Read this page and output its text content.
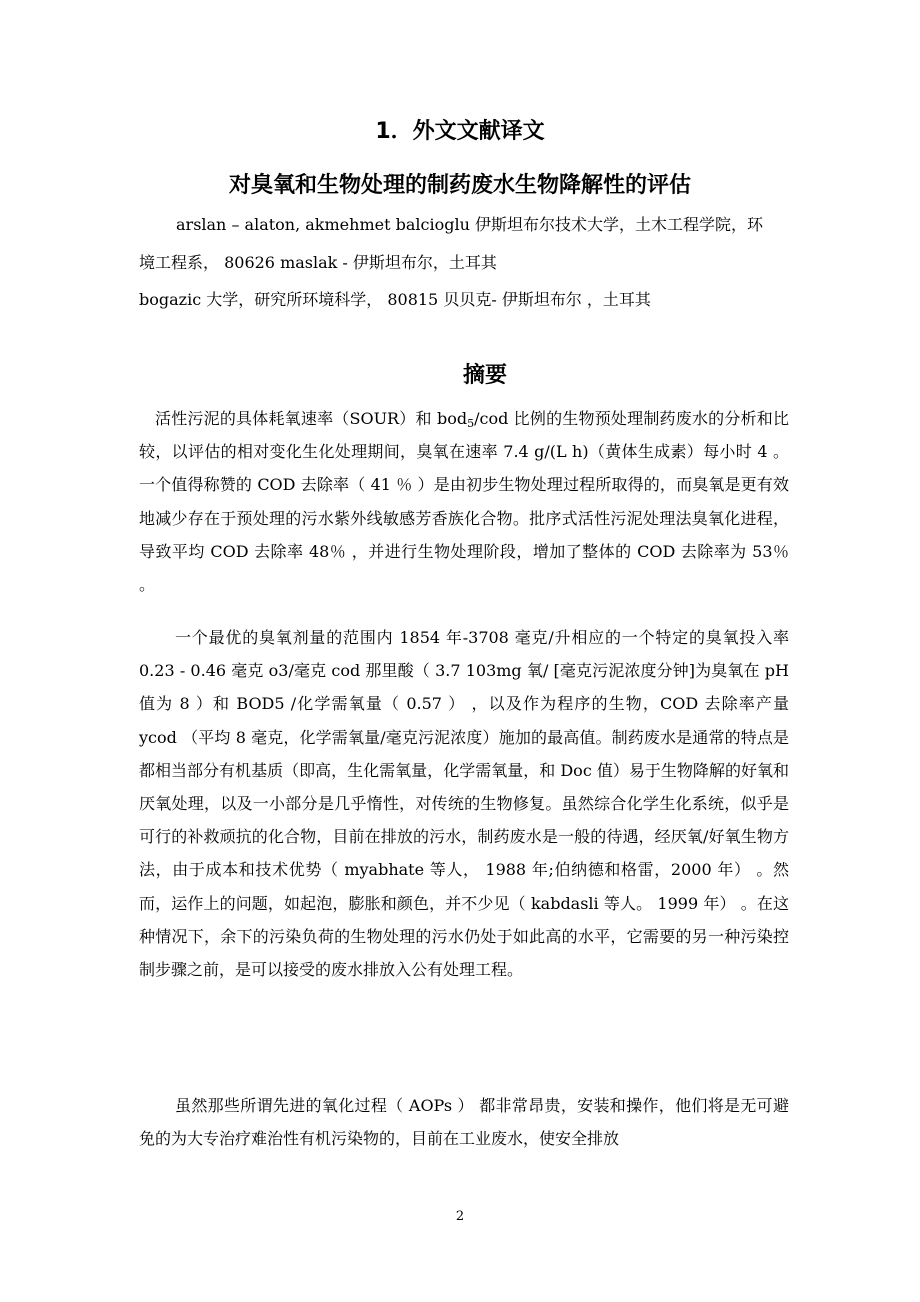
1．外文文献译文
对臭氧和生物处理的制药废水生物降解性的评估
arslan – alaton, akmehmet balcioglu 伊斯坦布尔技术大学，土木工程学院，环
境工程系， 80626 maslak - 伊斯坦布尔，土耳其
bogazic 大学，研究所环境科学， 80815 贝贝克- 伊斯坦布尔 ，土耳其
摘要

活性污泥的具体耗氧速率（SOUR）和 bod$_5$/cod 比例的生物预处理制药废水的分析和比较，以评估的相对变化生化处理期间，臭氧在速率 7.4 g/(L h)（黄体生成素）每小时 4 。一个值得称赞的 COD 去除率（ 41 ％ ）是由初步生物处理过程所取得的，而臭氧是更有效地减少存在于预处理的污水紫外线敏感芳香族化合物。批序式活性污泥处理法臭氧化进程，导致平均 COD 去除率 48％ ，并进行生物处理阶段，增加了整体的 COD 去除率为 53％ 。

一个最优的臭氧剂量的范围内 1854 年-3708 毫克/升相应的一个特定的臭氧投入率 0.23 - 0.46 毫克 o3/毫克 cod 那里酸（ 3.7 103mg 氧/ [毫克污泥浓度分钟]为臭氧在 pH 值为 8 ）和 BOD5 /化学需氧量（ 0.57 ） ，以及作为程序的生物，COD 去除率产量 ycod （平均 8 毫克，化学需氧量/毫克污泥浓度）施加的最高值。制药废水是通常的特点是都相当部分有机基质（即高，生化需氧量，化学需氧量，和 Doc 值）易于生物降解的好氧和厌氧处理，以及一小部分是几乎惰性，对传统的生物修复。虽然综合化学生化系统，似乎是可行的补救顽抗的化合物，目前在排放的污水，制药废水是一般的待遇，经厌氧/好氧生物方法，由于成本和技术优势（ myabhate 等人， 1988 年;伯纳德和格雷，2000 年） 。然而，运作上的问题，如起泡，膨胀和颜色，并不少见（ kabdasli 等人。 1999 年） 。在这种情况下，余下的污染负荷的生物处理的污水仍处于如此高的水平，它需要的另一种污染控制步骤之前，是可以接受的废水排放入公有处理工程。

虽然那些所谓先进的氧化过程（ AOPs ） 都非常昂贵，安装和操作，他们将是无可避免的为大专治疗难治性有机污染物的，目前在工业废水，使安全排放

2
